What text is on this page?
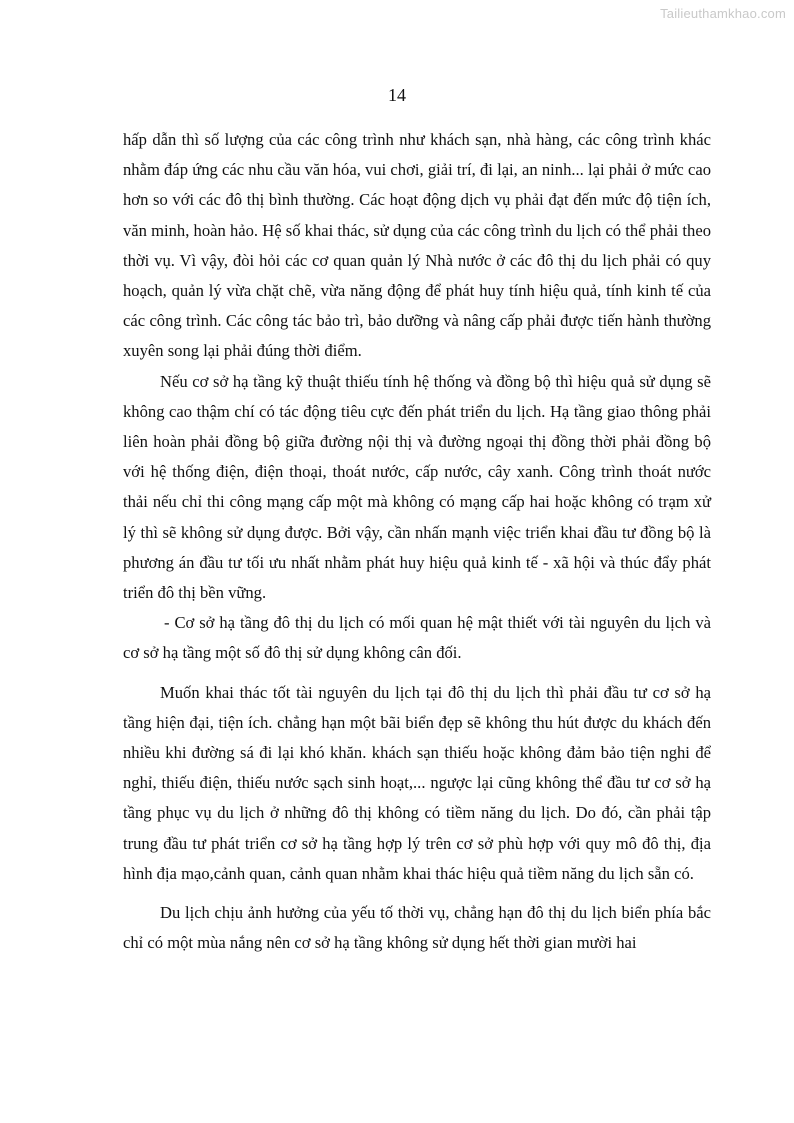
Tailieuthamkhao.com
14

hấp dẫn thì số lượng của các công trình như khách sạn, nhà hàng, các công trình khác nhằm đáp ứng các nhu cầu văn hóa, vui chơi, giải trí, đi lại, an ninh... lại phải ở mức cao hơn so với các đô thị bình thường. Các hoạt động dịch vụ phải đạt đến mức độ tiện ích, văn minh, hoàn hảo. Hệ số khai thác, sử dụng của các công trình du lịch có thể phải theo thời vụ. Vì vậy, đòi hỏi các cơ quan quản lý Nhà nước ở các đô thị du lịch phải có quy hoạch, quản lý vừa chặt chẽ, vừa năng động để phát huy tính hiệu quả, tính kinh tế của các công trình. Các công tác bảo trì, bảo dưỡng và nâng cấp phải được tiến hành thường xuyên song lại phải đúng thời điểm.

Nếu cơ sở hạ tầng kỹ thuật thiếu tính hệ thống và đồng bộ thì hiệu quả sử dụng sẽ không cao thậm chí có tác động tiêu cực đến phát triển du lịch. Hạ tầng giao thông phải liên hoàn phải đồng bộ giữa đường nội thị và đường ngoại thị đồng thời phải đồng bộ với hệ thống điện, điện thoại, thoát nước, cấp nước, cây xanh. Công trình thoát nước thải nếu chỉ thi công mạng cấp một mà không có mạng cấp hai hoặc không có trạm xử lý thì sẽ không sử dụng được. Bởi vậy, cần nhấn mạnh việc triển khai đầu tư đồng bộ là phương án đầu tư tối ưu nhất nhằm phát huy hiệu quả kinh tế - xã hội và thúc đẩy phát triển đô thị bền vững.

- Cơ sở hạ tầng đô thị du lịch có mối quan hệ mật thiết với tài nguyên du lịch và cơ sở hạ tầng một số đô thị sử dụng không cân đối.

Muốn khai thác tốt tài nguyên du lịch tại đô thị du lịch thì phải đầu tư cơ sở hạ tầng hiện đại, tiện ích. chẳng hạn một bãi biển đẹp sẽ không thu hút được du khách đến nhiều khi đường sá đi lại khó khăn. khách sạn thiếu hoặc không đảm bảo tiện nghi để nghỉ, thiếu điện, thiếu nước sạch sinh hoạt,... ngược lại cũng không thể đầu tư cơ sở hạ tầng phục vụ du lịch ở những đô thị không có tiềm năng du lịch. Do đó, cần phải tập trung đầu tư phát triển cơ sở hạ tầng hợp lý trên cơ sở phù hợp với quy mô đô thị, địa hình địa mạo,cảnh quan, cảnh quan nhằm khai thác hiệu quả tiềm năng du lịch sẵn có.

Du lịch chịu ảnh hưởng của yếu tố thời vụ, chẳng hạn đô thị du lịch biển phía bắc chỉ có một mùa nắng nên cơ sở hạ tầng không sử dụng hết thời gian mười hai
